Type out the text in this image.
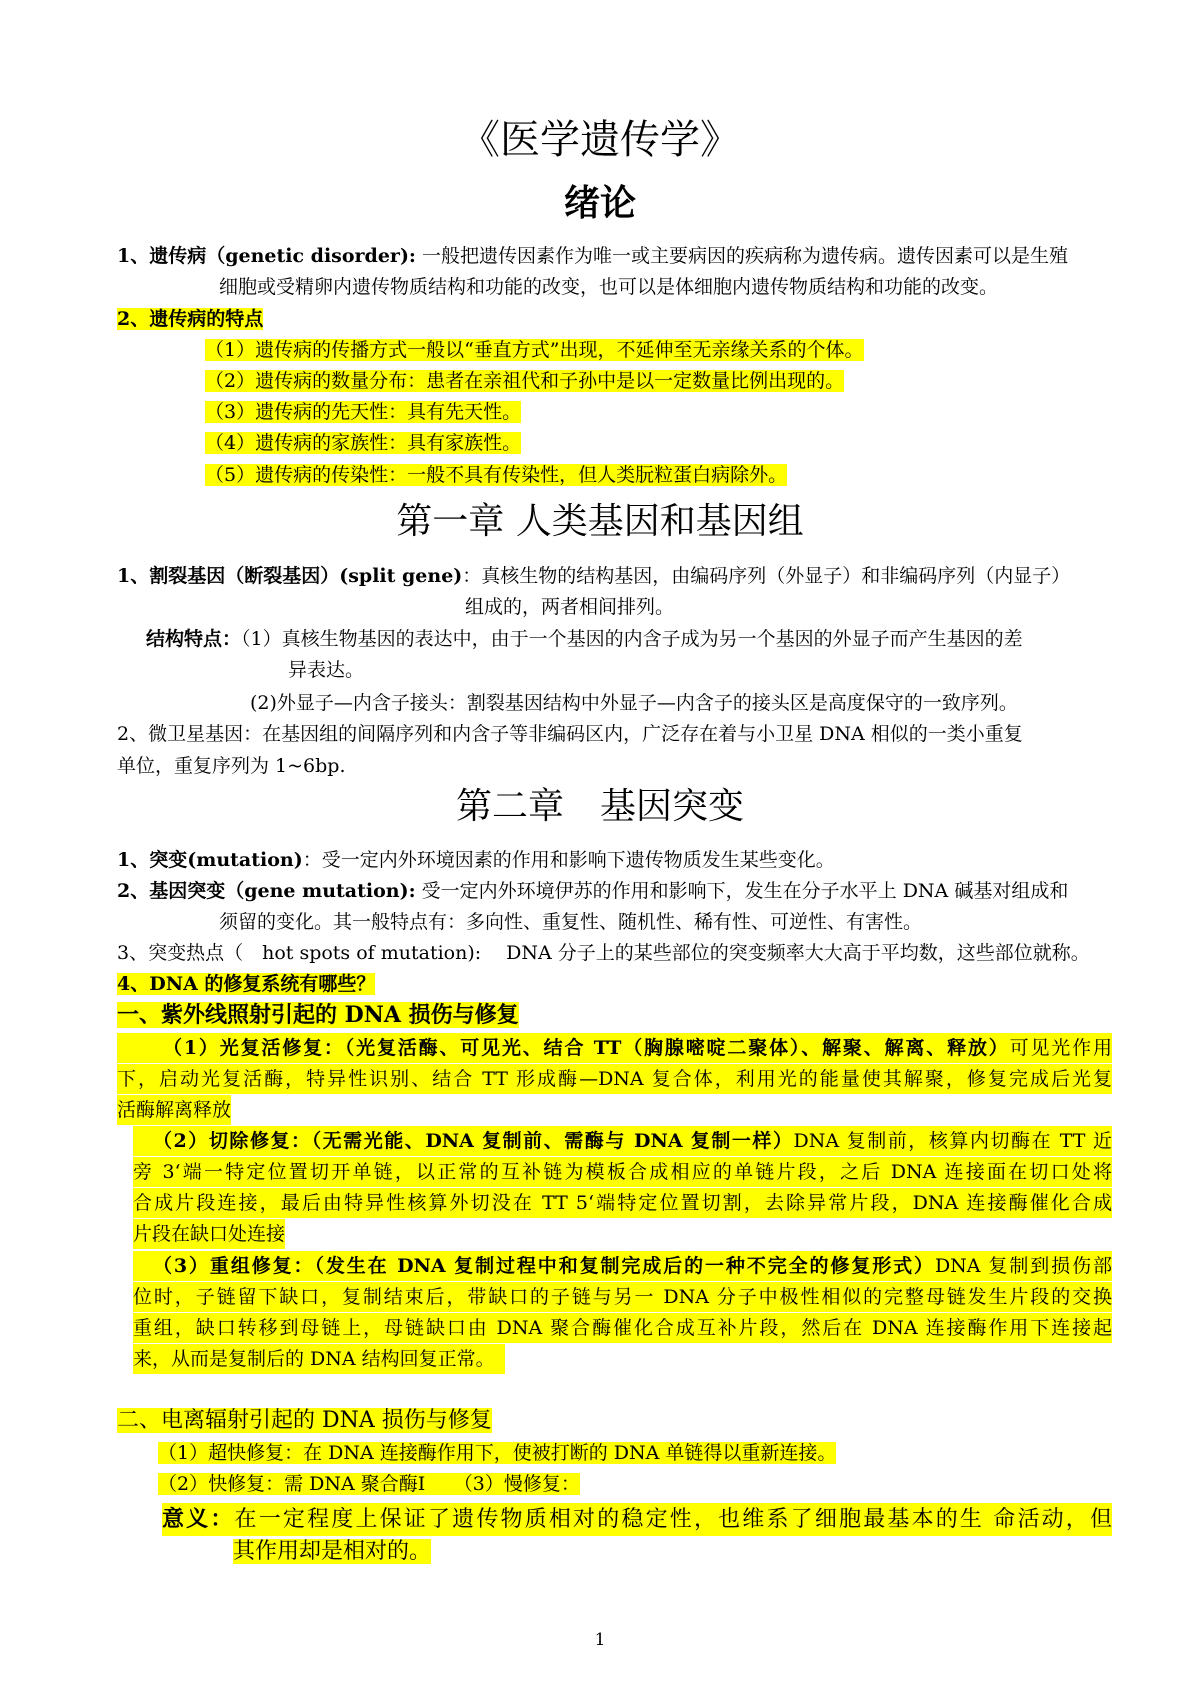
《医学遗传学》
绪论
1、遗传病（genetic disorder): 一般把遗传因素作为唯一或主要病因的疾病称为遗传病。遗传因素可以是生殖
细胞或受精卵内遗传物质结构和功能的改变，也可以是体细胞内遗传物质结构和功能的改变。
2、遗传病的特点
（1）遗传病的传播方式一般以“垂直方式”出现，不延伸至无亲缘关系的个体。
（2）遗传病的数量分布：患者在亲祖代和子孙中是以一定数量比例出现的。
（3）遗传病的先天性：具有先天性。
（4）遗传病的家族性：具有家族性。
（5）遗传病的传染性：一般不具有传染性，但人类朊粒蛋白病除外。
第一章 人类基因和基因组
1、割裂基因（断裂基因）(split gene)：真核生物的结构基因，由编码序列（外显子）和非编码序列（内显子）
组成的，两者相间排列。
结构特点：（1）真核生物基因的表达中，由于一个基因的内含子成为另一个基因的外显子而产生基因的差
异表达。
(2)外显子—内含子接头：割裂基因结构中外显子—内含子的接头区是高度保守的一致序列。
2、微卫星基因：在基因组的间隔序列和内含子等非编码区内，广泛存在着与小卫星 DNA 相似的一类小重复
单位，重复序列为 1~6bp.
第二章　基因突变
1、突变(mutation)：受一定内外环境因素的作用和影响下遗传物质发生某些变化。
2、基因突变（gene mutation): 受一定内外环境伊苏的作用和影响下，发生在分子水平上 DNA 碱基对组成和
须留的变化。其一般特点有：多向性、重复性、随机性、稀有性、可逆性、有害性。
3、突变热点（　hot spots of mutation):　 DNA 分子上的某些部位的突变频率大大高于平均数，这些部位就称。
4、DNA 的修复系统有哪些？
一、紫外线照射引起的 DNA 损伤与修复
（1）光复活修复：（光复活酶、可见光、结合 TT（胸腺嘧啶二聚体）、解聚、解离、释放）可见光作用
下，启动光复活酶，特异性识别、结合 TT 形成酶—DNA 复合体，利用光的能量使其解聚，修复完成后光复
活酶解离释放
（2）切除修复：（无需光能、DNA 复制前、需酶与 DNA 复制一样）DNA 复制前，核算内切酶在 TT 近
旁 3‘端一特定位置切开单链，以正常的互补链为模板合成相应的单链片段，之后 DNA 连接面在切口处将
合成片段连接，最后由特异性核算外切没在 TT 5‘端特定位置切割，去除异常片段，DNA 连接酶催化合成
片段在缺口处连接
（3）重组修复：（发生在 DNA 复制过程中和复制完成后的一种不完全的修复形式）DNA 复制到损伤部
位时，子链留下缺口，复制结束后，带缺口的子链与另一 DNA 分子中极性相似的完整母链发生片段的交换
重组，缺口转移到母链上，母链缺口由 DNA 聚合酶催化合成互补片段，然后在 DNA 连接酶作用下连接起
来，从而是复制后的 DNA 结构回复正常。
二、电离辐射引起的 DNA 损伤与修复
（1）超快修复：在 DNA 连接酶作用下，使被打断的 DNA 单链得以重新连接。
（2）快修复：需 DNA 聚合酶Ⅰ　　（3）慢修复：
意义：在一定程度上保证了遗传物质相对的稳定性，也维系了细胞最基本的生 命活动，但
其作用却是相对的。
1
